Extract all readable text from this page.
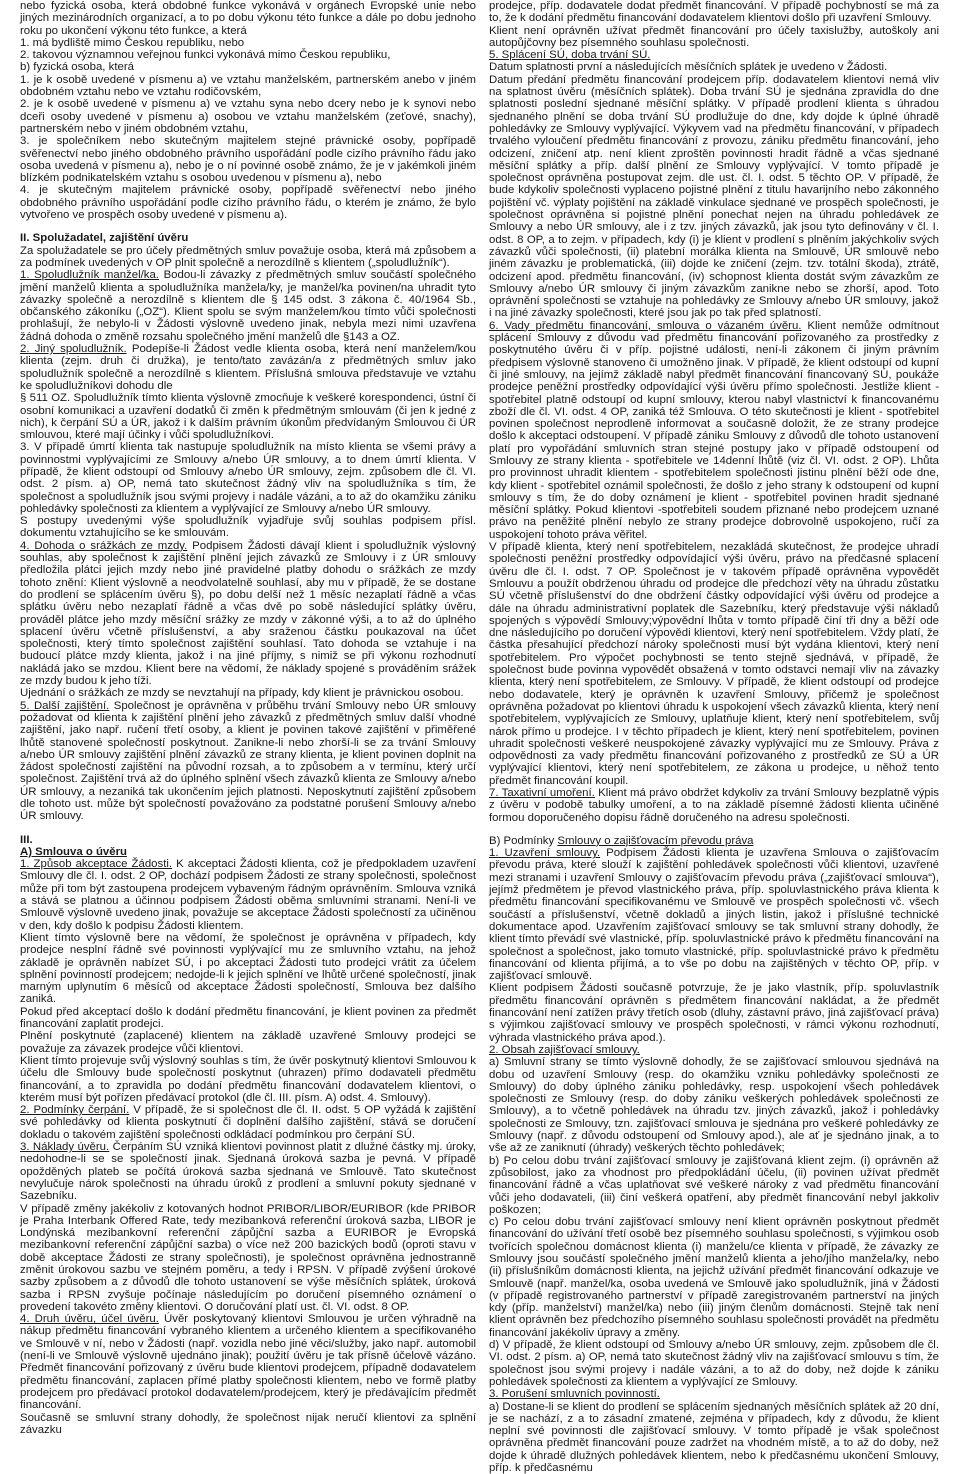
nebo fyzická osoba, která obdobné funkce vykonává v orgánech Evropské unie nebo jiných mezinárodních organizací, a to po dobu výkonu této funkce a dále po dobu jednoho roku po ukončení výkonu této funkce, a která

1. má bydliště mimo Českou republiku, nebo

2. takovou významnou veřejnou funkci vykonává mimo Českou republiku,

b) fyzická osoba, která

1. je k osobě uvedené v písmenu a) ve vztahu manželském, partnerském anebo v jiném obdobném vztahu nebo ve vztahu rodičovském,

2. je k osobě uvedené v písmenu a) ve vztahu syna nebo dcery nebo je k synovi nebo dceři osoby uvedené v písmenu a) osobou ve vztahu manželském (zeťové, snachy), partnerském nebo v jiném obdobném vztahu,

3. je společníkem nebo skutečným majitelem stejné právnické osoby, popřípadě svěřenectví nebo jiného obdobného právního uspořádání podle cizího právního řádu jako osoba uvedená v písmenu a), nebo je o ní povinné osobě známo, že je v jakémkoli jiném blízkém podnikatelském vztahu s osobou uvedenou v písmenu a), nebo

4. je skutečným majitelem právnické osoby, popřípadě svěřenectví nebo jiného obdobného právního uspořádání podle cizího právního řádu, o kterém je známo, že bylo vytvořeno ve prospěch osoby uvedené v písmenu a).

II. Spolužadatel, zajištění úvěru

Za spolužadatele se pro účely předmětných smluv považuje osoba, která má způsobem a za podmínek uvedených v OP plnit společně a nerozdílně s klientem („spoludlužník“).

1. Spoludlužník manžel/ka. Bodou-li závazky z předmětných smluv součástí společného jmění manželů klienta a spoludlužníka manžela/ky, je manžel/ka povinen/na uhradit tyto závazky společně a nerozdílně s klientem dle § 145 odst. 3 zákona č. 40/1964 Sb., občanského zákoníku („OZ“). Klient spolu se svým manželem/kou tímto vůči společnosti prohlašují, že nebylo-li v Žádosti výslovně uvedeno jinak, nebyla mezi nimi uzavřena žádná dohoda o změně rozsahu společného jmění manželů dle §143 a OZ.

2. Jiný spoludlužník. Podepíše-li Žádost vedle klienta osoba, která není manželem/kou klienta (zejm. druh či družka), je tento/tato zavázán/a z předmětných smluv jako spoludlužník společně a nerozdílně s klientem. Příslušná smlouva představuje ve vztahu ke spoludlužníkovi dohodu dle

§ 511 OZ. Spoludlužník tímto klienta výslovně zmocňuje k veškeré korespondenci, ústní či osobní komunikaci a uzavření dodatků či změn k předmětným smlouvám (či jen k jedné z nich), k čerpání SÚ a ÚR, jakož i k dalším právním úkonům předvídaným Smlouvou či ÚR smlouvou, které mají účinky i vůči spoludlužníkovi.

3. V případě úmrtí klienta tak nastupuje spoludlužník na místo klienta se všemi právy a povinnostmi vyplývajícími ze Smlouvy a/nebo ÚR smlouvy, a to dnem úmrtí klienta. V případě, že klient odstoupí od Smlouvy a/nebo ÚR smlouvy, zejm. způsobem dle čl. VI. odst. 2 písm. a) OP, nemá tato skutečnost žádný vliv na spoludlužníka s tím, že společnost a spoludlužník jsou svými projevy i nadále vázáni, a to až do okamžiku zániku pohledávky společnosti za klientem a vyplývající ze Smlouvy a/nebo ÚR smlouvy.

S postupy uvedenými výše spoludlužník vyjadřuje svůj souhlas podpisem přísl. dokumentu vztahujícího se ke smlouvám.

4. Dohoda o srážkách ze mzdy. Podpisem Žádosti dávají klient i spoludlužník výslovný souhlas, aby společnost k zajištění plnění jejich závazků ze Smlouvy i z ÚR smlouvy předložila plátci jejich mzdy nebo jiné pravidelné platby dohodu o srážkách ze mzdy tohoto znění: Klient výslovně a neodvolatelně souhlasí, aby mu v případě, že se dostane do prodlení se splácením úvěru §), po dobu delší než 1 měsíc nezaplatí řádně a včas splátku úvěru nebo nezaplatí řádně a včas dvě po sobě následující splátky úvěru, prováděl plátce jeho mzdy měsíční srážky ze mzdy v zákonné výši, a to až do úplného splacení úvěru včetně příslušenství, a aby sraženou částku poukazoval na účet společnosti, který tímto společnost zajištění souhlasí. Tato dohoda se vztahuje i na budoucí plátce mzdy klienta, jakož i na jiné příjmy, s nimiž se při výkonu rozhodnutí nakládá jako se mzdou. Klient bere na vědomí, že náklady spojené s prováděním srážek ze mzdy budou k jeho tíži.

Ujednání o srážkách ze mzdy se nevztahují na případy, kdy klient je právnickou osobou.

5. Další zajištění. Společnost je oprávněna v průběhu trvání Smlouvy nebo ÚR smlouvy požadovat od klienta k zajištění plnění jeho závazků z předmětných smluv další vhodné zajištění, jako např. ručení třetí osoby, a klient je povinen takové zajištění v přiměřené lhůtě stanovené společností poskytnout. Zanikne-li nebo zhorší-li se za trvání Smlouvy a/nebo ÚR smlouvy zajištění plnění závazků ze strany klienta, je klient povinen doplnit na žádost společnosti zajištění na původní rozsah, a to způsobem a v termínu, který určí společnost. Zajištění trvá až do úplného splnění všech závazků klienta ze Smlouvy a/nebo ÚR smlouvy, a nezaniká tak ukončením jejich platnosti. Neposkytnutí zajištění způsobem dle tohoto ust. může být společností považováno za podstatné porušení Smlouvy a/nebo ÚR smlouvy.

III.

A) Smlouva o úvěru

1. Způsob akceptace Žádosti. K akceptaci Žádosti klienta, což je předpokladem uzavření Smlouvy dle čl. I. odst. 2 OP, dochází podpisem Žádosti ze strany společnosti, společnost může při tom být zastoupena prodejcem vybaveným řádným oprávněním. Smlouva vzniká a stává se platnou a účinnou podpisem Žádosti oběma smluvními stranami. Není-li ve Smlouvě výslovně uvedeno jinak, považuje se akceptace Žádosti společností za učiněnou v den, kdy došlo k podpisu Žádosti klientem.

Klient tímto výslovně bere na vědomí, že společnost je oprávněna v případech, kdy prodejce nesplní řádně své povinnosti vyplývající mu ze smluvního vztahu, na jehož základě je oprávněn nabízet SÚ, i po akceptaci Žádosti tuto prodejci vrátit za účelem splnění povinností prodejcem; nedojde-li k jejich splnění ve lhůtě určené společností, jinak marným uplynutím 6 měsíců od akceptace Žádosti společností, Smlouva bez dalšího zaniká.

Pokud před akceptací došlo k dodání předmětu financování, je klient povinen za předmět financování zaplatit prodejci.

Plnění poskytnuté (zaplacené) klientem na základě uzavřené Smlouvy prodejci se považuje za závazek prodejce vůči klientovi.

Klient tímto projevuje svůj výslovný souhlas s tím, že úvěr poskytnutý klientovi Smlouvou k účelu dle Smlouvy bude společností poskytnut (uhrazen) přímo dodavateli předmětu financování, a to zpravidla po dodání předmětu financování dodavatelem klientovi, o kterém musí být pořízen předávací protokol (dle čl. III. písm. A) odst. 4. Smlouvy).

2. Podmínky čerpání. V případě, že si společnost dle čl. II. odst. 5 OP vyžádá k zajištění své pohledávky od klienta poskytnutí či doplnění dalšího zajištění, stává se doručení dokladu o takovém zajištění společnosti odkládací podmínkou pro čerpání SÚ.

3. Náklady úvěru. Čerpáním SÚ vzniká klientovi povinnost platit z dlužné částky mj. úroky, nedohodne-li se se společností jinak. Sjednaná úroková sazba je pevná. V případě opožděných plateb se počítá úroková sazba sjednaná ve Smlouvě. Tato skutečnost nevylučuje nárok společnosti na úhradu úroků z prodlení a smluvní pokuty sjednané v Sazebníku.

V případě změny jakékoliv z kotovaných hodnot PRIBOR/LIBOR/EURIBOR (kde PRIBOR je Praha Interbank Offered Rate, tedy mezibanková referenční úroková sazba, LIBOR je Londýnská mezibankovní referenční zápůjční sazba a EURIBOR je Evropská mezibankovní referenční zápůjční sazba) o více než 200 bazických bodů (oproti stavu v době akceptace Žádosti ze strany společnosti), je společnost oprávněna jednostranně změnit úrokovou sazbu ve stejném poměru, a tedy i RPSN. V případě zvýšení úrokové sazby způsobem a z důvodů dle tohoto ustanovení se výše měsíčních splátek, úroková sazba i RPSN zvyšuje počínaje následujícím po doručení písemného oznámení o provedení takovéto změny klientovi. O doručování platí ust. čl. VI. odst. 8 OP.

4. Druh úvěru, účel úvěru. Úvěr poskytovaný klientovi Smlouvou je určen výhradně na nákup předmětu financování vybraného klientem a určeného klientem a specifikovaného ve Smlouvě v ní, nebo v Žádosti (např. vozidla nebo jiné věci/služby, jako např. automobil (není-li ve Smlouvě výslovně ujednáno jinak); použití úvěru je tak přísně účelově vázáno. Předmět financování pořizovaný z úvěru bude klientovi prodejcem, případně dodavatelem předmětu financování, zaplacen přímé platby společnosti klientem, nebo ve formě platby prodejcem pro předávací protokol dodavatelem/prodejcem, který je předávajícím předmět financování.

Současně se smluvní strany dohodly, že společnost nijak neručí klientovi za splnění závazku

prodejce, příp. dodavatele dodat předmět financování. V případě pochybností se má za to, že k dodání předmětu financování dodavatelem klientovi došlo při uzavření Smlouvy.

Klient není oprávněn užívat předmět financování pro účely taxislužby, autoškoly ani autopůjčovny bez písemného souhlasu společnosti.

5. Splácení SÚ, doba trvání SÚ.

Datum splatnosti první a následujících měsíčních splátek je uvedeno v Žádosti.

Datum předání předmětu financování prodejcem příp. dodavatelem klientovi nemá vliv na splatnost úvěru (měsíčních splátek). Doba trvání SÚ je sjednána zpravidla do dne splatnosti poslední sjednané měsíční splátky. V případě prodlení klienta s úhradou sjednaného plnění se doba trvání SÚ prodlužuje do dne, kdy dojde k úplné úhradě pohledávky ze Smlouvy vyplývající. Výkyvem vad na předmětu financování, v případech trvalého vyloučení předmětu financování z provozu, zániku předmětu financování, jeho odcizení, zničení atp. není klient zproštěn povinnosti hradit řádně a včas sjednané měsíční splátky a příp. další plnění ze Smlouvy vyplývající. V tomto případě je společnost oprávněna postupovat zejm. dle ust. čl. I. odst. 5 těchto OP. V případě, že bude kdykoliv společnosti vyplaceno pojistné plnění z titulu havarijního nebo zákonného pojištění vč. výplaty pojištění na základě vinkulace sjednané ve prospěch společnosti, je společnost oprávněna si pojistné plnění ponechat nejen na úhradu pohledávek ze Smlouvy a nebo ÚR smlouvy, ale i z tzv. jiných závazků, jak jsou tyto definovány v čl. I. odst. 8 OP, a to zejm. v případech, kdy (i) je klient v prodlení s plněním jakýchkoliv svých závazků vůči společnosti, (ii) platební morálka klienta na Smlouvě, ÚR smlouvě nebo jiném závazku je problematická, (iii) dojde ke zničení (zejm. tzv. totální škoda), ztrátě, odcizení apod. předmětu financování, (iv) schopnost klienta dostát svým závazkům ze Smlouvy a/nebo ÚR smlouvy či jiným závazkům zanikne nebo se zhorší, apod. Toto oprávnění společnosti se vztahuje na pohledávky ze Smlouvy a/nebo ÚR smlouvy, jakož i na jiné závazky společnosti, které jsou jak po tak před splatností.

6. Vady předmětu financování, smlouva o vázaném úvěru. Klient nemůže odmítnout splácení Smlouvy z důvodu vad předmětu financování pořizovaného za prostředky z poskytnutého úvěru či v příp. pojistné události, není-li zákonem či jiným právním předpisem výslovně stanoveno či umožněno jinak. V případě, že klient odstoupí od kupní či jiné smlouvy, na jejímž základě nabyl předmět financování financovaný SÚ, poukáže prodejce peněžní prostředky odpovídající výši úvěru přímo společnosti. Jestliže klient - spotřebitel platně odstoupí od kupní smlouvy, kterou nabyl vlastnictví k financovanému zboží dle čl. VI. odst. 4 OP, zaniká též Smlouva. O této skutečnosti je klient - spotřebitel povinen společnost neprodleně informovat a současně doložit, že ze strany prodejce došlo k akceptaci odstoupení. V případě zániku Smlouvy z důvodů dle tohoto ustanovení platí pro vypořádání smluvních stran stejné postupy jako v případě odstoupení od Smlouvy ze strany klienta - spotřebitele ve 14denní lhůtě (viz čl. VI. odst. 2 OP). Lhůta pro provinnost uhradit klientem - spotřebitelem společnosti jistinu plnění běží ode dne, kdy klient - spotřebitel oznámil společnosti, že došlo z jeho strany k odstoupení od kupní smlouvy s tím, že do doby oznámení je klient - spotřebitel povinen hradit sjednané měsíční splátky. Pokud klientovi -spotřebiteli soudem přiznané nebo prodejcem uznané právo na peněžité plnění nebylo ze strany prodejce dobrovolně uspokojeno, ručí za uspokojení tohoto práva věřitel.

V případě klienta, který není spotřebitelem, nezakládá skutečnost, že prodejce uhradí společnosti peněžní prostředky odpovídající výši úvěru, právo na předčasné splacení úvěru dle čl. I. odst. 7 OP. Společnost je v takovém případě oprávněna vypovědět Smlouvu a použít obdrženou úhradu od prodejce dle předchozí věty na úhradu zůstatku SÚ včetně příslušenství do dne obdržení částky odpovídající výši úvěru od prodejce a dále na úhradu administrativní poplatek dle Sazebníku, který představuje výši nákladů spojených s výpovědí Smlouvy;výpovědní lhůta v tomto případě činí tři dny a běží ode dne následujícího po doručení výpovědi klientovi, který není spotřebitelem. Vždy platí, že částka přesahující předchozí nároky společnosti musí být vydána klientovi, který není spotřebitelem. Pro výpočet pochybnosti se tento stejně sjednává, v případě, že společnost bude povinna vypovědět obsažená v tomto odstavci nemají vliv na závazky klienta, který není spotřebitelem, ze Smlouvy. V případě, že klient odstoupí od prodejce nebo dodavatele, který je oprávněn k uzavření Smlouvy, přičemž je společnost oprávněna požadovat po klientovi úhradu k uspokojení všech závazků klienta, který není spotřebitelem, vyplývajících ze Smlouvy, uplatňuje klient, který není spotřebitelem, svůj nárok přímo u prodejce. I v těchto případech je klient, který není spotřebitelem, povinen uhradit společnosti veškeré neuspokojené závazky vyplývající mu ze Smlouvy. Práva z odpovědnosti za vady předmětu financování pořizovaného z prostředků ze SÚ a ÚR vyplývající klientovi, který není spotřebitelem, ze zákona u prodejce, u něhož tento předmět financování koupil.

7. Taxativní umoření. Klient má právo obdržet kdykoliv za trvání Smlouvy bezplatně výpis z úvěru v podobě tabulky umoření, a to na základě písemné žádosti klienta učiněné formou doporučeného dopisu řádně doručeného na adresu společnosti.

B) Podmínky Smlouvy o zajišťovacím převodu práva

1. Uzavření smlouvy. Podpisem Žádosti klienta je uzavřena Smlouva o zajišťovacím převodu práva, které slouží k zajištění pohledávek společnosti vůči klientovi, uzavřené mezi stranami i uzavření Smlouvy o zajišťovacím převodu práva („zajišťovací smlouva“), jejímž předmětem je převod vlastnického práva, příp. spoluvlastnického práva klienta k předmětu financování specifikovanému ve Smlouvě ve prospěch společnosti vč. všech součástí a příslušenství, včetně dokladů a jiných listin, jakož i příslušné technické dokumentace apod. Uzavřením zajišťovací smlouvy se tak smluvní strany dohodly, že klient tímto převádí své vlastnické, příp. spoluvlastnické právo k předmětu financování na společnost a společnost, jako tomuto vlastnické, příp. spoluvlastnické právo k předmětu financování od klienta přijímá, a to vše po dobu na zajištěných v těchto OP, příp. v zajišťovací smlouvě.

Klient podpisem Žádosti současně potvrzuje, že je jako vlastník, příp. spoluvlastník předmětu financování oprávněn s předmětem financování nakládat, a že předmět financování není zatížen právy třetích osob (dluhy, zástavní právo, jiná zajišťovací práva) s výjimkou zajišťovací smlouvy ve prospěch společnosti, v rámci výkonu rozhodnutí, výhrada vlastnického práva apod.).

2. Obsah zajišťovací smlouvy.

a) Smluvní strany se tímto výslovně dohodly, že se zajišťovací smlouvou sjednává na dobu od uzavření Smlouvy (resp. do okamžiku vzniku pohledávky společnosti ze Smlouvy) do doby úplného zániku pohledávky, resp. uspokojení všech pohledávek společnosti ze Smlouvy (resp. do doby zániku veškerých pohledávek společnosti ze Smlouvy), a to včetně pohledávek na úhradu tzv. jiných závazků, jakož i pohledávky společnosti ze Smlouvy, tzn. zajišťovací smlouva je sjednána pro veškeré pohledávky ze Smlouvy (např. z důvodu odstoupení od Smlouvy apod.), ale ať je sjednáno jinak, a to vše až ze zaniknutí (úhrady) veškerých těchto pohledávek;

b) Po celou dobu trvání zajišťovací smlouvy je zajišťovaná klient zejm. (i) oprávněn až způsobilost, jako za vhodnost pro předpokládání účelu, (ii) povinen užívat předmět financování řádně a včas uplatňovat své veškeré nároky z vad předmětu financování vůči jeho dodavateli, (iii) činí veškerá opatření, aby předmět financování nebyl jakkoliv poškozen;

c) Po celou dobu trvání zajišťovací smlouvy není klient oprávněn poskytnout předmět financování do užívání třetí osobě bez písemného souhlasu společnosti, s výjimkou osob tvořících společnou domácnost klienta (i) manželu/ce klienta v případě, že závazky ze Smlouvy jsou součástí společného jmění manželů klienta a jeho/jího manžela/ky, nebo (ii) příslušníkům domácnosti klienta, na jejichž užívání předmět financování odkazuje ve Smlouvě (např. manžel/ka, osoba uvedená ve Smlouvě jako spoludlužník, jiná v Žádosti (v případě registrovaného partnerství v případě zaregistrovaném partnerství na jiných kdy (příp. manželství) manžel/ka) nebo (iii) jiným členům domácnosti. Stejně tak není klient oprávněn bez předchozího písemného souhlasu společnosti provádět na předmětu financování jakékoliv úpravy a změny.

d) V případě, že klient odstoupí od Smlouvy a/nebo ÚR smlouvy, zejm. způsobem dle čl. VI. odst. 2 písm. a) OP, nemá tato skutečnost žádný vliv na zajišťovací smlouvu s tím, že společnost jsou svými projevy i nadále vázáni, a to až do doby, než dojde k zániku pohledávek společnosti za klientem a vyplývající ze Smlouvy.

3. Porušení smluvních povinností.

a) Dostane-li se klient do prodlení se splácením sjednaných měsíčních splátek až 20 dní, je se nachází, z a to zásadní zmatené, zejména v případech, kdy z důvodu, že klient neplní své povinnosti dle zajišťovací smlouvy. V tomto případě je však společnost oprávněna předmět financování pouze zadržet na vhodném místě, a to až do doby, než dojde k úhradě dlužných pohledávek klientem, nebo k předčasnému ukončení Smlouvy, příp. k předčasnému
